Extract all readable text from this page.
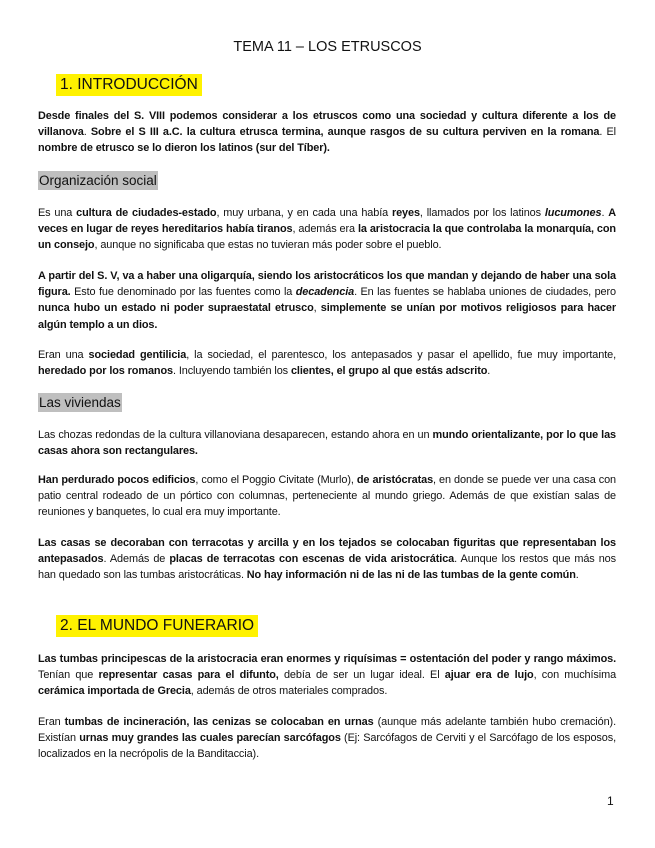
TEMA 11 – LOS ETRUSCOS
1. INTRODUCCIÓN
Desde finales del S. VIII podemos considerar a los etruscos como una sociedad y cultura diferente a los de villanova. Sobre el S III a.C. la cultura etrusca termina, aunque rasgos de su cultura perviven en la romana. El nombre de etrusco se lo dieron los latinos (sur del Tíber).
Organización social
Es una cultura de ciudades-estado, muy urbana, y en cada una había reyes, llamados por los latinos lucumones. A veces en lugar de reyes hereditarios había tiranos, además era la aristocracia la que controlaba la monarquía, con un consejo, aunque no significaba que estas no tuvieran más poder sobre el pueblo.
A partir del S. V, va a haber una oligarquía, siendo los aristocráticos los que mandan y dejando de haber una sola figura. Esto fue denominado por las fuentes como la decadencia. En las fuentes se hablaba uniones de ciudades, pero nunca hubo un estado ni poder supraestatal etrusco, simplemente se unían por motivos religiosos para hacer algún templo a un dios.
Eran una sociedad gentilicia, la sociedad, el parentesco, los antepasados y pasar el apellido, fue muy importante, heredado por los romanos. Incluyendo también los clientes, el grupo al que estás adscrito.
Las viviendas
Las chozas redondas de la cultura villanoviana desaparecen, estando ahora en un mundo orientalizante, por lo que las casas ahora son rectangulares.
Han perdurado pocos edificios, como el Poggio Civitate (Murlo), de aristócratas, en donde se puede ver una casa con patio central rodeado de un pórtico con columnas, perteneciente al mundo griego. Además de que existían salas de reuniones y banquetes, lo cual era muy importante.
Las casas se decoraban con terracotas y arcilla y en los tejados se colocaban figuritas que representaban los antepasados. Además de placas de terracotas con escenas de vida aristocrática. Aunque los restos que más nos han quedado son las tumbas aristocráticas. No hay información ni de las ni de las tumbas de la gente común.
2. EL MUNDO FUNERARIO
Las tumbas principescas de la aristocracia eran enormes y riquísimas = ostentación del poder y rango máximos. Tenían que representar casas para el difunto, debía de ser un lugar ideal. El ajuar era de lujo, con muchísima cerámica importada de Grecia, además de otros materiales comprados.
Eran tumbas de incineración, las cenizas se colocaban en urnas (aunque más adelante también hubo cremación). Existían urnas muy grandes las cuales parecían sarcófagos (Ej: Sarcófagos de Cerviti y el Sarcófago de los esposos, localizados en la necrópolis de la Banditaccia).
1
